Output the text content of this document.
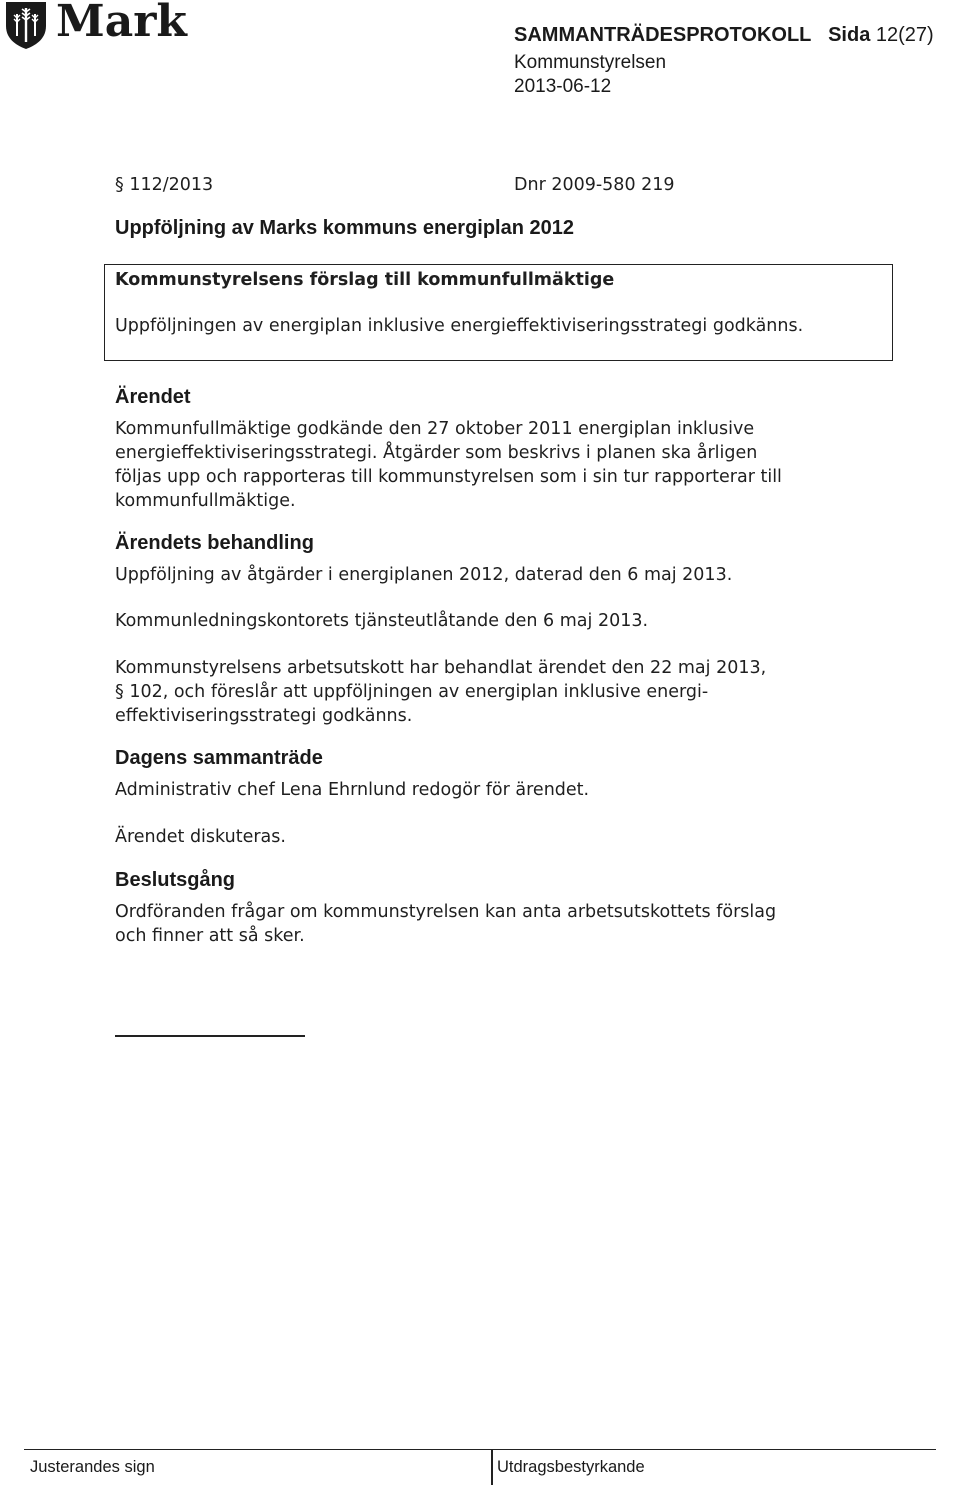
Mark	SAMMANTRÄDESPROTOKOLL Sida 12(27)
Kommunstyrelsen
2013-06-12
§ 112/2013	Dnr 2009-580 219
Uppföljning av Marks kommuns energiplan 2012
Kommunstyrelsens förslag till kommunfullmäktige
Uppföljningen av energiplan inklusive energieffektiviseringsstrategi godkänns.
Ärendet
Kommunfullmäktige godkände den 27 oktober 2011 energiplan inklusive
energieffektiviseringsstrategi. Åtgärder som beskrivs i planen ska årligen
följas upp och rapporteras till kommunstyrelsen som i sin tur rapporterar till
kommunfullmäktige.
Ärendets behandling
Uppföljning av åtgärder i energiplanen 2012, daterad den 6 maj 2013.
Kommunledningskontorets tjänsteutlåtande den 6 maj 2013.
Kommunstyrelsens arbetsutskott har behandlat ärendet den 22 maj 2013,
§ 102, och föreslår att uppföljningen av energiplan inklusive energi-
effektiviseringsstrategi godkänns.
Dagens sammanträde
Administrativ chef Lena Ehrnlund redogör för ärendet.
Ärendet diskuteras.
Beslutsgång
Ordföranden frågar om kommunstyrelsen kan anta arbetsutskottets förslag
och finner att så sker.
Justerandes sign	Utdragsbestyrkande
